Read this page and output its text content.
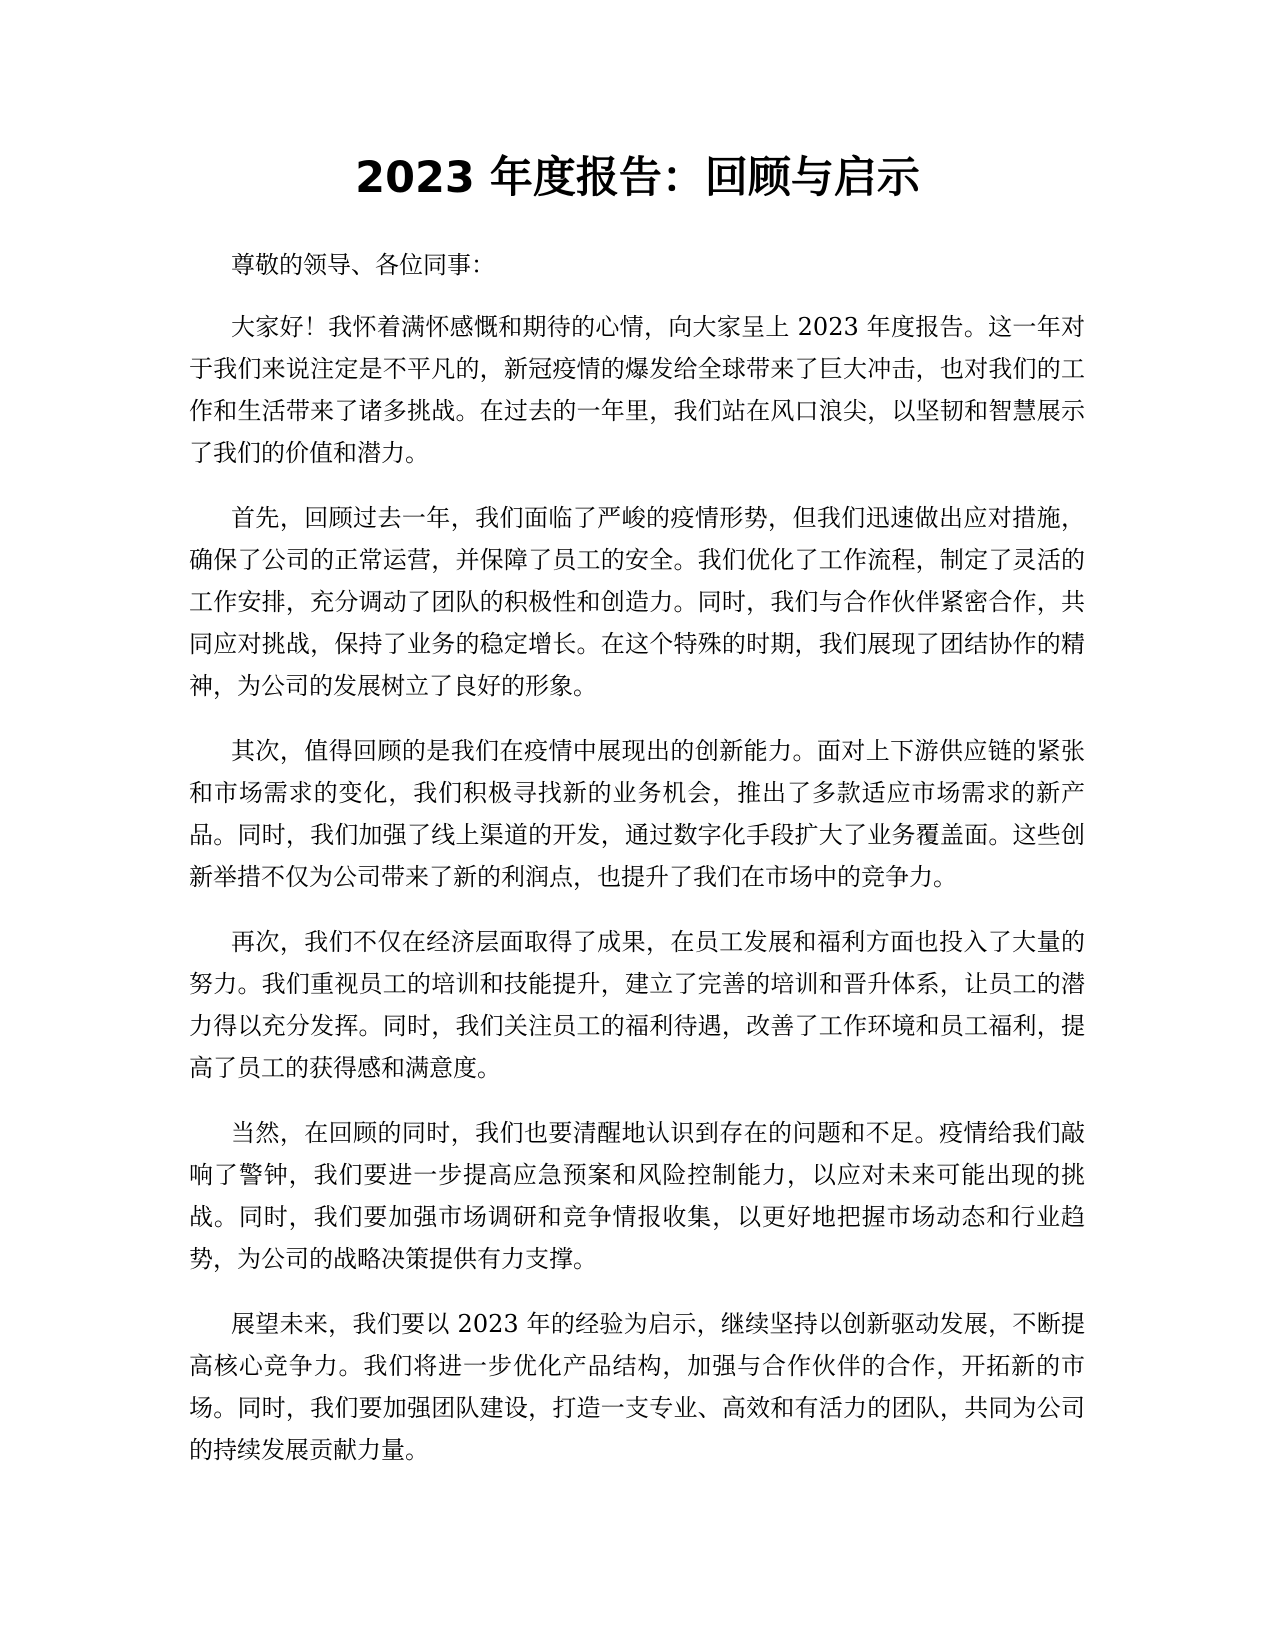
2023 年度报告：回顾与启示

尊敬的领导、各位同事：

大家好！我怀着满怀感慨和期待的心情，向大家呈上 2023 年度报告。这一年对于我们来说注定是不平凡的，新冠疫情的爆发给全球带来了巨大冲击，也对我们的工作和生活带来了诸多挑战。在过去的一年里，我们站在风口浪尖，以坚韧和智慧展示了我们的价值和潜力。

首先，回顾过去一年，我们面临了严峻的疫情形势，但我们迅速做出应对措施，确保了公司的正常运营，并保障了员工的安全。我们优化了工作流程，制定了灵活的工作安排，充分调动了团队的积极性和创造力。同时，我们与合作伙伴紧密合作，共同应对挑战，保持了业务的稳定增长。在这个特殊的时期，我们展现了团结协作的精神，为公司的发展树立了良好的形象。

其次，值得回顾的是我们在疫情中展现出的创新能力。面对上下游供应链的紧张和市场需求的变化，我们积极寻找新的业务机会，推出了多款适应市场需求的新产品。同时，我们加强了线上渠道的开发，通过数字化手段扩大了业务覆盖面。这些创新举措不仅为公司带来了新的利润点，也提升了我们在市场中的竞争力。

再次，我们不仅在经济层面取得了成果，在员工发展和福利方面也投入了大量的努力。我们重视员工的培训和技能提升，建立了完善的培训和晋升体系，让员工的潜力得以充分发挥。同时，我们关注员工的福利待遇，改善了工作环境和员工福利，提高了员工的获得感和满意度。

当然，在回顾的同时，我们也要清醒地认识到存在的问题和不足。疫情给我们敲响了警钟，我们要进一步提高应急预案和风险控制能力，以应对未来可能出现的挑战。同时，我们要加强市场调研和竞争情报收集，以更好地把握市场动态和行业趋势，为公司的战略决策提供有力支撑。

展望未来，我们要以 2023 年的经验为启示，继续坚持以创新驱动发展，不断提高核心竞争力。我们将进一步优化产品结构，加强与合作伙伴的合作，开拓新的市场。同时，我们要加强团队建设，打造一支专业、高效和有活力的团队，共同为公司的持续发展贡献力量。
